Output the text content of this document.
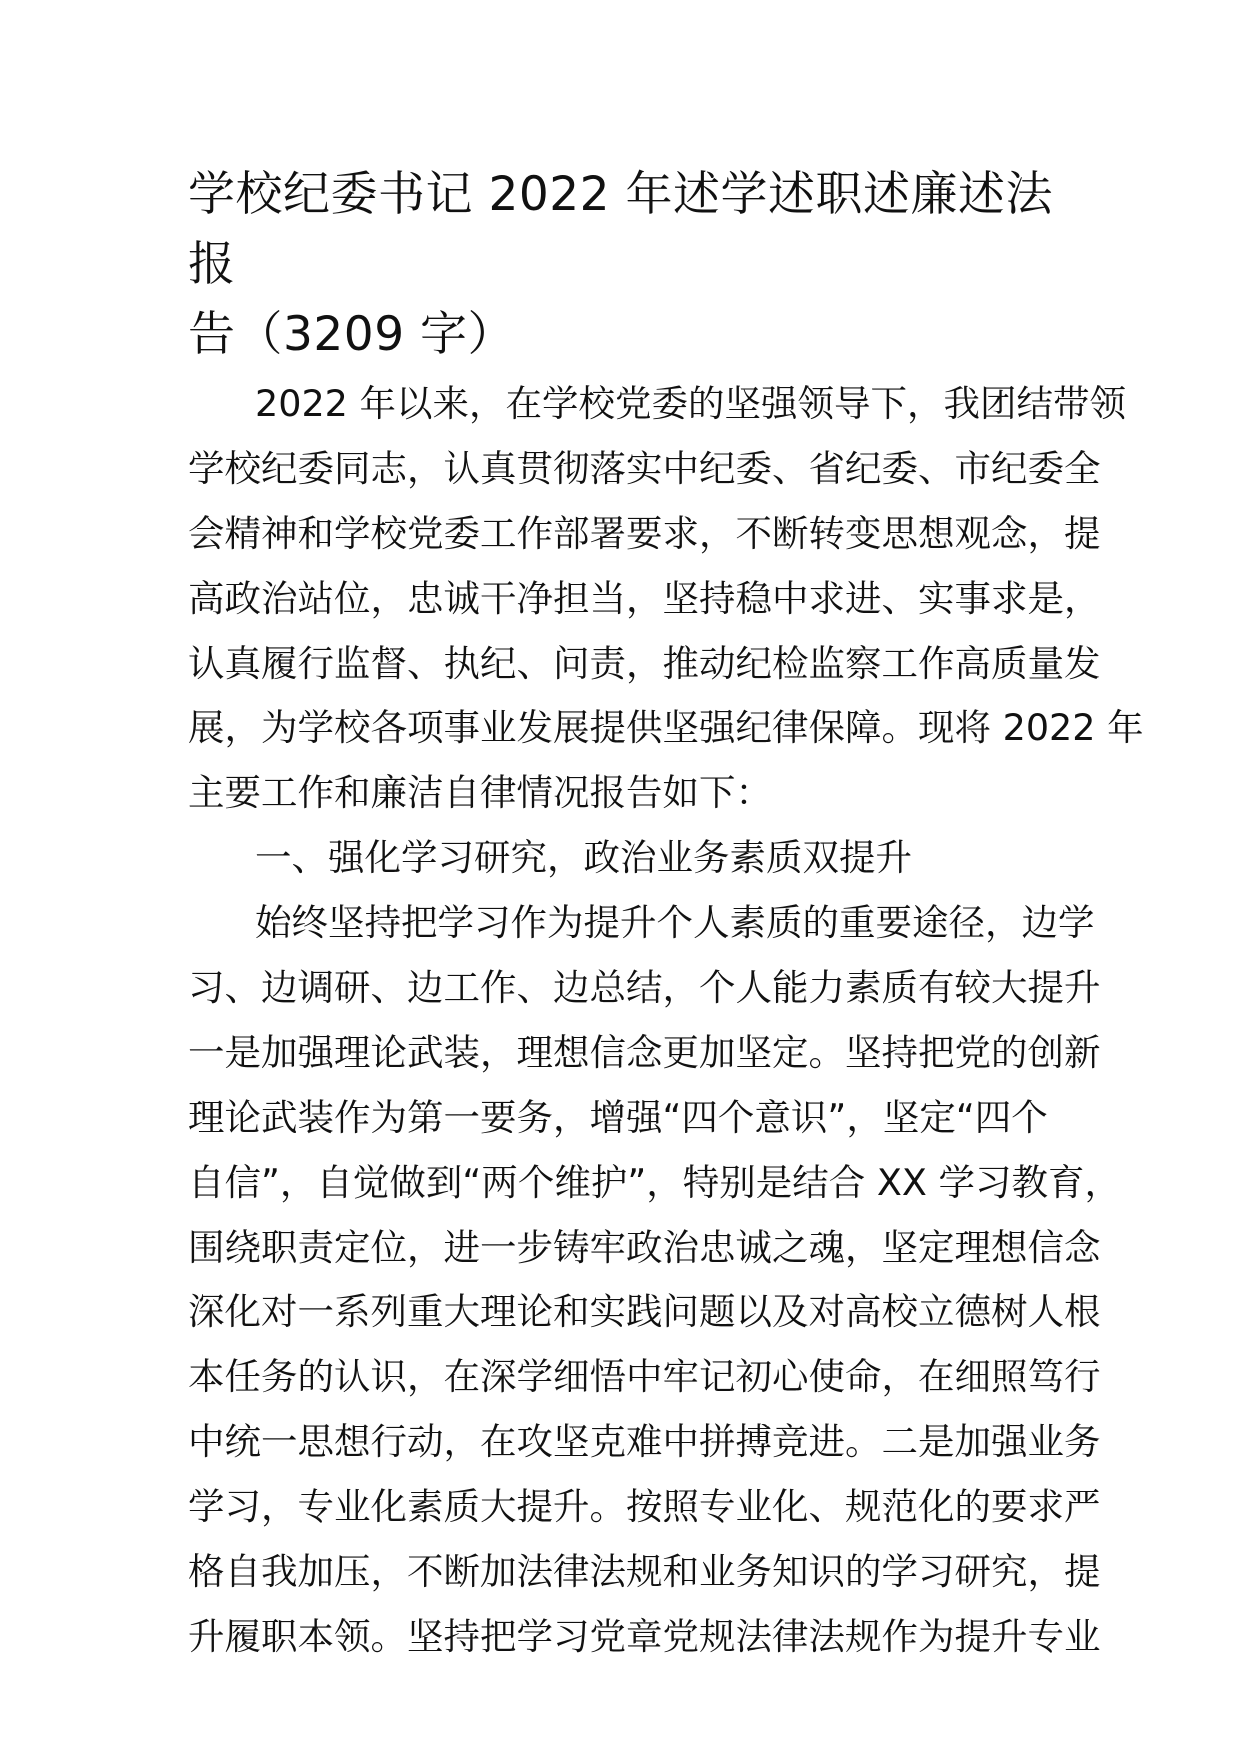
学校纪委书记 2022 年述学述职述廉述法报
告（3209 字）
2022 年以来，在学校党委的坚强领导下，我团结带领
学校纪委同志，认真贯彻落实中纪委、省纪委、市纪委全
会精神和学校党委工作部署要求，不断转变思想观念，提
高政治站位，忠诚干净担当，坚持稳中求进、实事求是，
认真履行监督、执纪、问责，推动纪检监察工作高质量发
展，为学校各项事业发展提供坚强纪律保障。现将 2022 年
主要工作和廉洁自律情况报告如下：
一、强化学习研究，政治业务素质双提升
始终坚持把学习作为提升个人素质的重要途径，边学
习、边调研、边工作、边总结，个人能力素质有较大提升
一是加强理论武装，理想信念更加坚定。坚持把党的创新
理论武装作为第一要务，增强“四个意识”，坚定“四个
自信”，自觉做到“两个维护”，特别是结合 XX 学习教育，
围绕职责定位，进一步铸牢政治忠诚之魂，坚定理想信念
深化对一系列重大理论和实践问题以及对高校立德树人根
本任务的认识，在深学细悟中牢记初心使命，在细照笃行
中统一思想行动，在攻坚克难中拼搏竞进。二是加强业务
学习，专业化素质大提升。按照专业化、规范化的要求严
格自我加压，不断加法律法规和业务知识的学习研究，提
升履职本领。坚持把学习党章党规法律法规作为提升专业
